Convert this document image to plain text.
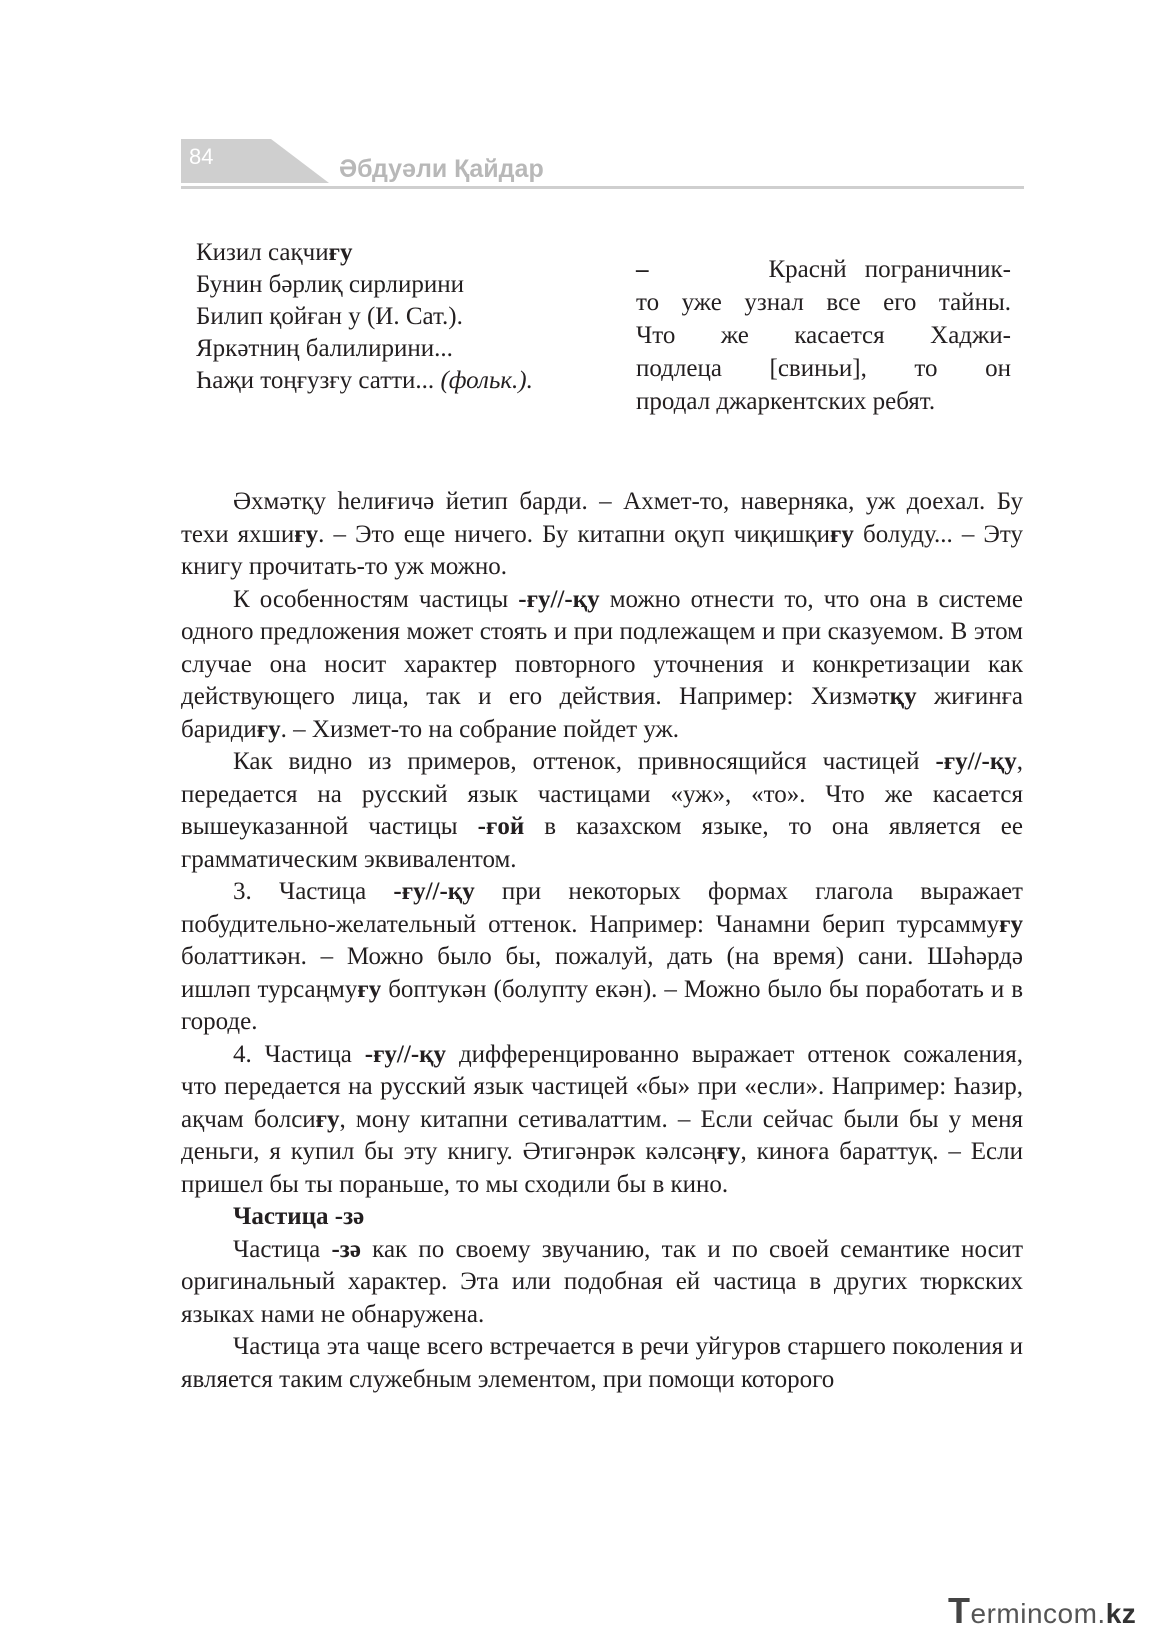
84	Әбдуәли Қайдар
Кизил сақчиғу
Бунин бәрлиқ сирлирини
Билип қойған у (И. Сат.).
Яркәтниң балилирини...
Һаҗи тоңғузғу сатти... (фольк.).
–	Краснй пограничник-
то уже узнал все его тайны.
Что же касается Хаджи-
подлеца [свиньи], то он
продал джаркентских ребят.

Әхмәтқу һелиғичә йетип барди. – Ахмет-то, наверняка, уж доехал. Бу техи яхшиғу. – Это еще ничего. Бу китапни оқуп чиқишқиғу болуду... – Эту книгу прочитать-то уж можно.

К особенностям частицы -ғу//-қу можно отнести то, что она в системе одного предложения может стоять и при подлежащем и при сказуемом. В этом случае она носит характер повторного уточнения и конкретизации как действующего лица, так и его действия. Например: Хизмәтқу жиғинға баридиғу. – Хизмет-то на собрание пойдет уж.

Как видно из примеров, оттенок, привносящийся частицей -ғу//-қу, передается на русский язык частицами «уж», «то». Что же касается вышеуказанной частицы -ғой в казахском языке, то она является ее грамматическим эквивалентом.

3. Частица -ғу//-қу при некоторых формах глагола выражает побудительно-желательный оттенок. Например: Чанамни берип турсаммуғу болаттикән. – Можно было бы, пожалуй, дать (на время) сани. Шәһәрдә ишләп турсаңмуғу боптукән (болупту екән). – Можно было бы поработать и в городе.

4. Частица -ғу//-қу дифференцированно выражает оттенок сожаления, что передается на русский язык частицей «бы» при «если». Например: Һазир, ақчам болсиғу, мону китапни сетивалаттим. – Если сейчас были бы у меня деньги, я купил бы эту книгу. Әтигәнрәк кәлсәңғу, киноға бараттуқ. – Если пришел бы ты пораньше, то мы сходили бы в кино.

Частица -зә

Частица -зә как по своему звучанию, так и по своей семантике носит оригинальный характер. Эта или подобная ей частица в других тюркских языках нами не обнаружена.

Частица эта чаще всего встречается в речи уйгуров старшего поколения и является таким служебным элементом, при помощи которого

Termincom.kz
